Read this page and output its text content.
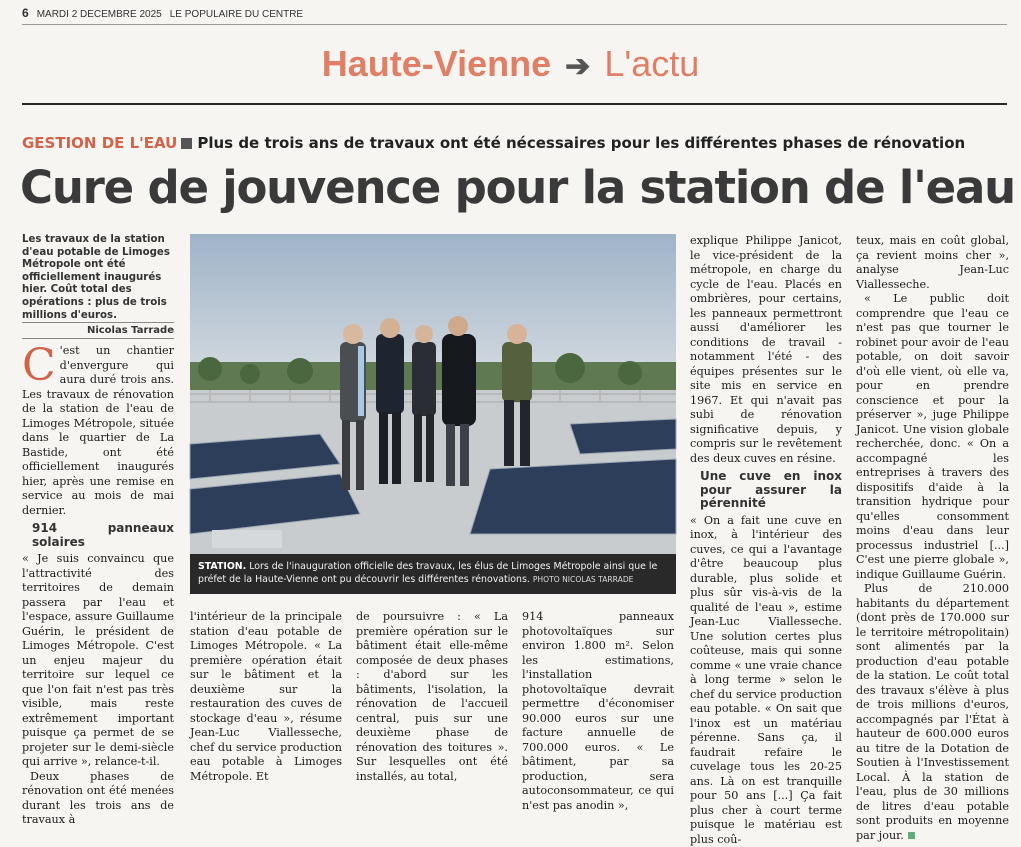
6 MARDI 2 DECEMBRE 2025 LE POPULAIRE DU CENTRE
Haute-Vienne ➔ L'actu
GESTION DE L'EAU Plus de trois ans de travaux ont été nécessaires pour les différentes phases de rénovation
Cure de jouvence pour la station de l'eau
Les travaux de la station d'eau potable de Limoges Métropole ont été officiellement inaugurés hier. Coût total des opérations : plus de trois millions d'euros.
Nicolas Tarrade

C 'est un chantier d'envergure qui aura duré trois ans. Les travaux de rénovation de la station de l'eau de Limoges Métropole, située dans le quartier de La Bastide, ont été officiellement inaugurés hier, après une remise en service au mois de mai dernier.

914 panneaux solaires

« Je suis convaincu que l'attractivité des territoires de demain passera par l'eau et l'espace, assure Guillaume Guérin, le président de Limoges Métropole. C'est un enjeu majeur du territoire sur lequel ce que l'on fait n'est pas très visible, mais reste extrêmement important puisque ça permet de se projeter sur le demi-siècle qui arrive », relance-t-il.

Deux phases de rénovation ont été menées durant les trois ans de travaux à

STATION. Lors de l'inauguration officielle des travaux, les élus de Limoges Métropole ainsi que le préfet de la Haute-Vienne ont pu découvrir les différentes rénovations. PHOTO NICOLAS TARRADE

l'intérieur de la principale station d'eau potable de Limoges Métropole. « La première opération était sur le bâtiment et la deuxième sur la restauration des cuves de stockage d'eau », résume Jean-Luc Viallesseche, chef du service production eau potable à Limoges Métropole. Et

de poursuivre : « La première opération sur le bâtiment était elle-même composée de deux phases : d'abord sur les bâtiments, l'isolation, la rénovation de l'accueil central, puis sur une deuxième phase de rénovation des toitures ». Sur lesquelles ont été installés, au total,

explique Philippe Janicot, le vice-président de la métropole, en charge du cycle de l'eau. Placés en ombrières, pour certains, les panneaux permettront aussi d'améliorer les conditions de travail - notamment l'été - des équipes présentes sur le site mis en service en 1967. Et qui n'avait pas subi de rénovation significative depuis, y compris sur le revêtement des deux cuves en résine.

Une cuve en inox pour assurer la pérennité

« On a fait une cuve en inox, à l'intérieur des cuves, ce qui a l'avantage d'être beaucoup plus durable, plus solide et plus sûr vis-à-vis de la qualité de l'eau », estime Jean-Luc Viallesseche. Une solution certes plus coûteuse, mais qui sonne comme « une vraie chance à long terme » selon le chef du service production eau potable. « On sait que l'inox est un matériau pérenne. Sans ça, il faudrait refaire le cuvelage tous les 20-25 ans. Là on est tranquille pour 50 ans [...] Ça fait plus cher à court terme puisque le matériau est plus coû-

914 panneaux photovoltaïques sur environ 1.800 m². Selon les estimations, l'installation photovoltaïque devrait permettre d'économiser 90.000 euros sur une facture annuelle de 700.000 euros. « Le bâtiment, par sa production, sera autoconsommateur, ce qui n'est pas anodin »,

teux, mais en coût global, ça revient moins cher », analyse Jean-Luc Viallesseche.

« Le public doit comprendre que l'eau ce n'est pas que tourner le robinet pour avoir de l'eau potable, on doit savoir d'où elle vient, où elle va, pour en prendre conscience et pour la préserver », juge Philippe Janicot. Une vision globale recherchée, donc. « On a accompagné les entreprises à travers des dispositifs d'aide à la transition hydrique pour qu'elles consomment moins d'eau dans leur processus industriel [...] C'est une pierre globale », indique Guillaume Guérin.

Plus de 210.000 habitants du département (dont près de 170.000 sur le territoire métropolitain) sont alimentés par la production d'eau potable de la station. Le coût total des travaux s'élève à plus de trois millions d'euros, accompagnés par l'État à hauteur de 600.000 euros au titre de la Dotation de Soutien à l'Investissement Local. À la station de l'eau, plus de 30 millions de litres d'eau potable sont produits en moyenne par jour.
